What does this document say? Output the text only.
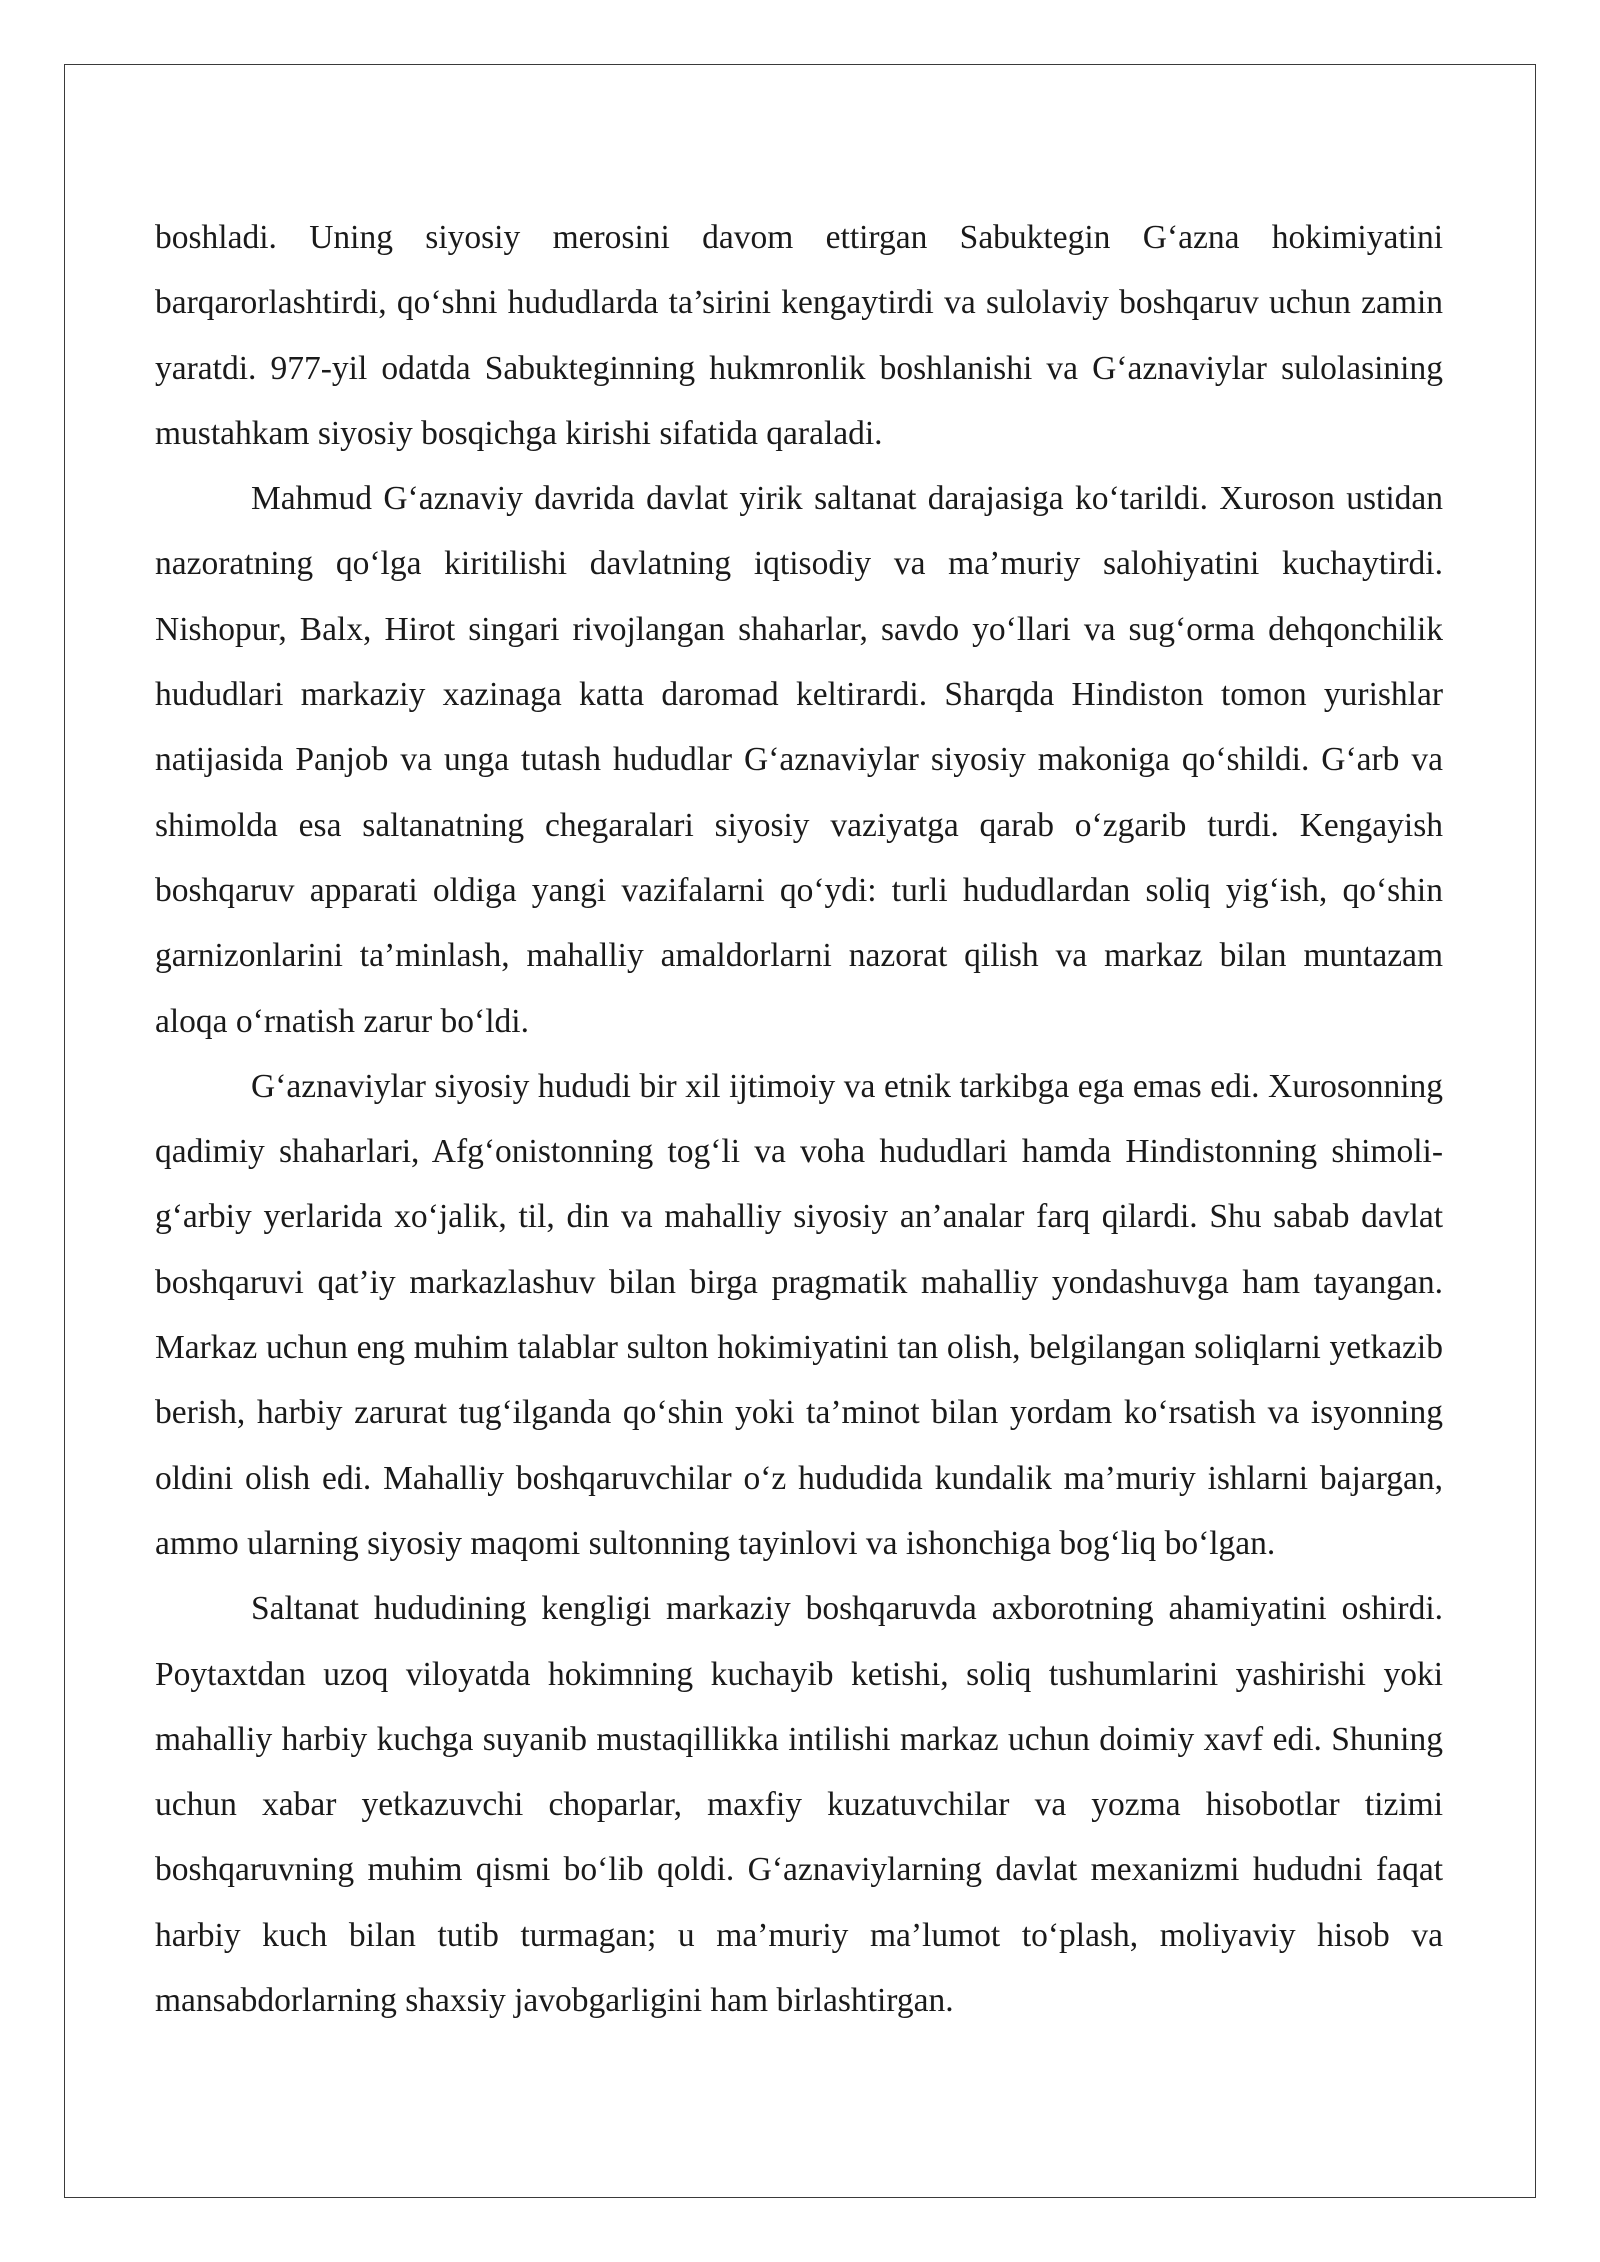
boshladi. Uning siyosiy merosini davom ettirgan Sabuktegin G‘azna hokimiyatini barqarorlashtirdi, qo‘shni hududlarda ta’sirini kengaytirdi va sulolaviy boshqaruv uchun zamin yaratdi. 977-yil odatda Sabukteginning hukmronlik boshlanishi va G‘aznaviylar sulolasining mustahkam siyosiy bosqichga kirishi sifatida qaraladi.

Mahmud G‘aznaviy davrida davlat yirik saltanat darajasiga ko‘tarildi. Xuroson ustidan nazoratning qo‘lga kiritilishi davlatning iqtisodiy va ma’muriy salohiyatini kuchaytirdi. Nishopur, Balx, Hirot singari rivojlangan shaharlar, savdo yo‘llari va sug‘orma dehqonchilik hududlari markaziy xazinaga katta daromad keltirardi. Sharqda Hindiston tomon yurishlar natijasida Panjob va unga tutash hududlar G‘aznaviylar siyosiy makoniga qo‘shildi. G‘arb va shimolda esa saltanatning chegaralari siyosiy vaziyatga qarab o‘zgarib turdi. Kengayish boshqaruv apparati oldiga yangi vazifalarni qo‘ydi: turli hududlardan soliq yig‘ish, qo‘shin garnizonlarini ta’minlash, mahalliy amaldorlarni nazorat qilish va markaz bilan muntazam aloqa o‘rnatish zarur bo‘ldi.

G‘aznaviylar siyosiy hududi bir xil ijtimoiy va etnik tarkibga ega emas edi. Xurosonning qadimiy shaharlari, Afg‘onistonning tog‘li va voha hududlari hamda Hindistonning shimoli-g‘arbiy yerlarida xo‘jalik, til, din va mahalliy siyosiy an’analar farq qilardi. Shu sabab davlat boshqaruvi qat’iy markazlashuv bilan birga pragmatik mahalliy yondashuvga ham tayangan. Markaz uchun eng muhim talablar sulton hokimiyatini tan olish, belgilangan soliqlarni yetkazib berish, harbiy zarurat tug‘ilganda qo‘shin yoki ta’minot bilan yordam ko‘rsatish va isyonning oldini olish edi. Mahalliy boshqaruvchilar o‘z hududida kundalik ma’muriy ishlarni bajargan, ammo ularning siyosiy maqomi sultonning tayinlovi va ishonchiga bog‘liq bo‘lgan.

Saltanat hududining kengligi markaziy boshqaruvda axborotning ahamiyatini oshirdi. Poytaxtdan uzoq viloyatda hokimning kuchayib ketishi, soliq tushumlarini yashirishi yoki mahalliy harbiy kuchga suyanib mustaqillikka intilishi markaz uchun doimiy xavf edi. Shuning uchun xabar yetkazuvchi choparlar, maxfiy kuzatuvchilar va yozma hisobotlar tizimi boshqaruvning muhim qismi bo‘lib qoldi. G‘aznaviylarning davlat mexanizmi hududni faqat harbiy kuch bilan tutib turmagan; u ma’muriy ma’lumot to‘plash, moliyaviy hisob va mansabdorlarning shaxsiy javobgarligini ham birlashtirgan.
